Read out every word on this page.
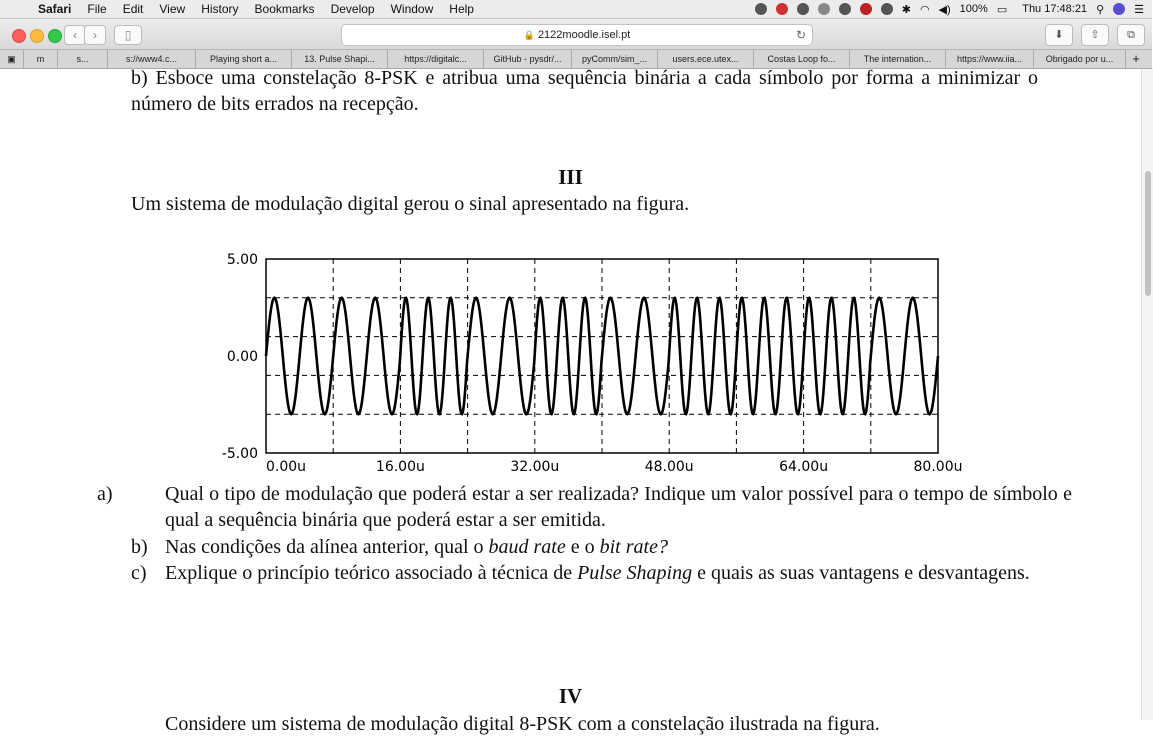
Safari	File	Edit	View	History	Bookmarks	Develop	Window	Help	✱ ◠ ◀) 100% ▭ Thu 17:48:21 ⚲	☰
‹	›	▯	🔒 2122moodle.isel.pt	↻	⬇	⇧	⧉
▣	m	s...	s://www4.c...	Playing short a...	13. Pulse Shapi...	https://digitalc...	GitHub - pysdr/...	pyComm/sim_...	users.ece.utex...	Costas Loop fo...	The internation...	https://www.iia...	Obrigado por u...	+
b) Esboce uma constelação 8-PSK e atribua uma sequência binária a cada símbolo por forma a minimizar o número de bits errados na recepção.
III
Um sistema de modulação digital gerou o sinal apresentado na figura.
5.00
0.00
-5.00
0.00u	16.00u	32.00u	48.00u	64.00u	80.00u
a)	Qual o tipo de modulação que poderá estar a ser realizada? Indique um valor possível para o tempo de símbolo e qual a sequência binária que poderá estar a ser emitida.
b) Nas condições da alínea anterior, qual o baud rate e o bit rate?
c) Explique o princípio teórico associado à técnica de Pulse Shaping e quais as suas vantagens e desvantagens.
IV
Considere um sistema de modulação digital 8-PSK com a constelação ilustrada na figura.
